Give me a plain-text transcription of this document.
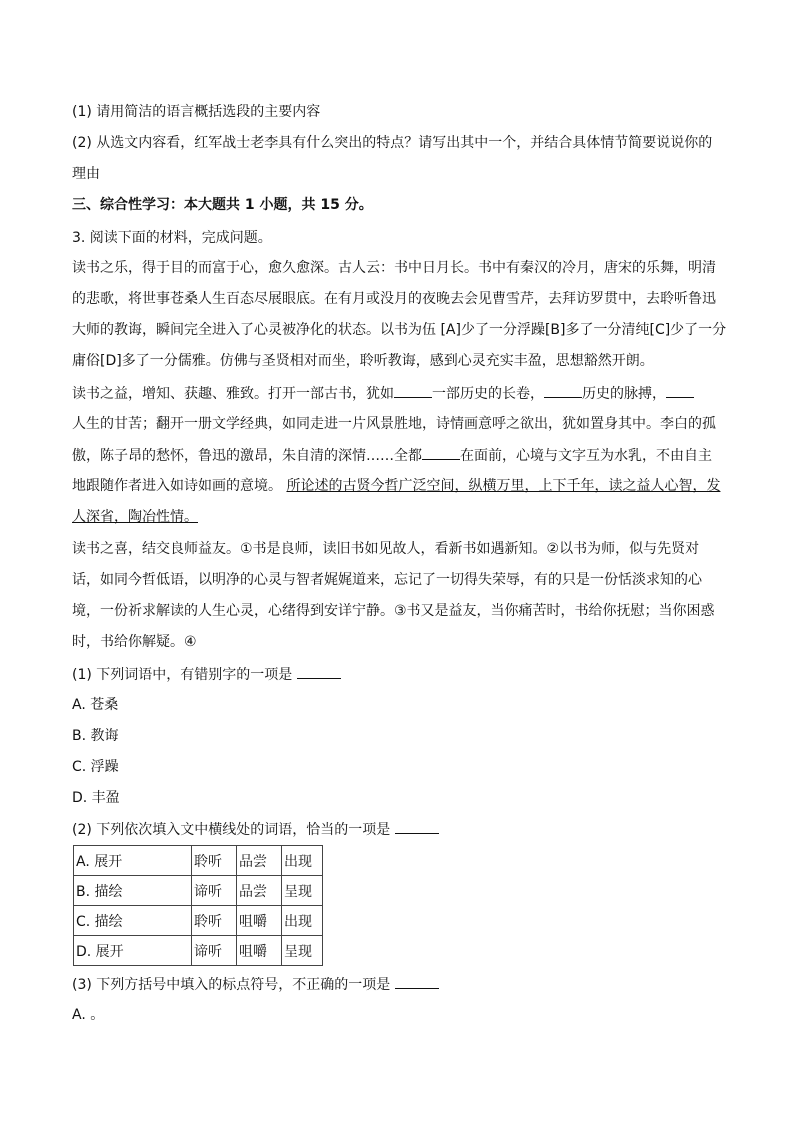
(1) 请用简洁的语言概括选段的主要内容
(2) 从选文内容看，红军战士老李具有什么突出的特点？请写出其中一个，并结合具体情节简要说说你的
理由
三、综合性学习：本大题共 1 小题，共 15 分。
3. 阅读下面的材料，完成问题。
读书之乐，得于目的而富于心，愈久愈深。古人云：书中日月长。书中有秦汉的冷月，唐宋的乐舞，明清
的悲歌，将世事苍桑人生百态尽展眼底。在有月或没月的夜晚去会见曹雪芹，去拜访罗贯中，去聆听鲁迅
大师的教诲，瞬间完全进入了心灵被净化的状态。以书为伍 [A]少了一分浮躁[B]多了一分清纯[C]少了一分
庸俗[D]多了一分儒雅。仿佛与圣贤相对而坐，聆听教诲，感到心灵充实丰盈，思想豁然开朗。
读书之益，增知、获趣、雅致。打开一部古书，犹如	一部历史的长卷，	历史的脉搏，
人生的甘苦；翻开一册文学经典，如同走进一片风景胜地，诗情画意呼之欲出，犹如置身其中。李白的孤
傲，陈子昂的愁怀，鲁迅的激昂，朱自清的深情……全都	在面前，心境与文字互为水乳，不由自主
地跟随作者进入如诗如画的意境。 所论述的古贤今哲广泛空间，纵横万里，上下千年，读之益人心智，发
人深省，陶冶性情。
读书之喜，结交良师益友。①书是良师，读旧书如见故人，看新书如遇新知。②以书为师，似与先贤对
话，如同今哲低语，以明净的心灵与智者娓娓道来，忘记了一切得失荣辱，有的只是一份恬淡求知的心
境，一份祈求解读的人生心灵，心绪得到安详宁静。③书又是益友，当你痛苦时，书给你抚慰；当你困惑
时，书给你解疑。④
(1) 下列词语中，有错别字的一项是
A. 苍桑
B. 教诲
C. 浮躁
D. 丰盈
(2) 下列依次填入文中横线处的词语，恰当的一项是
A. 展开	聆听	品尝	出现
B. 描绘	谛听	品尝	呈现
C. 描绘	聆听	咀嚼	出现
D. 展开	谛听	咀嚼	呈现
(3) 下列方括号中填入的标点符号，不正确的一项是
A. 。
